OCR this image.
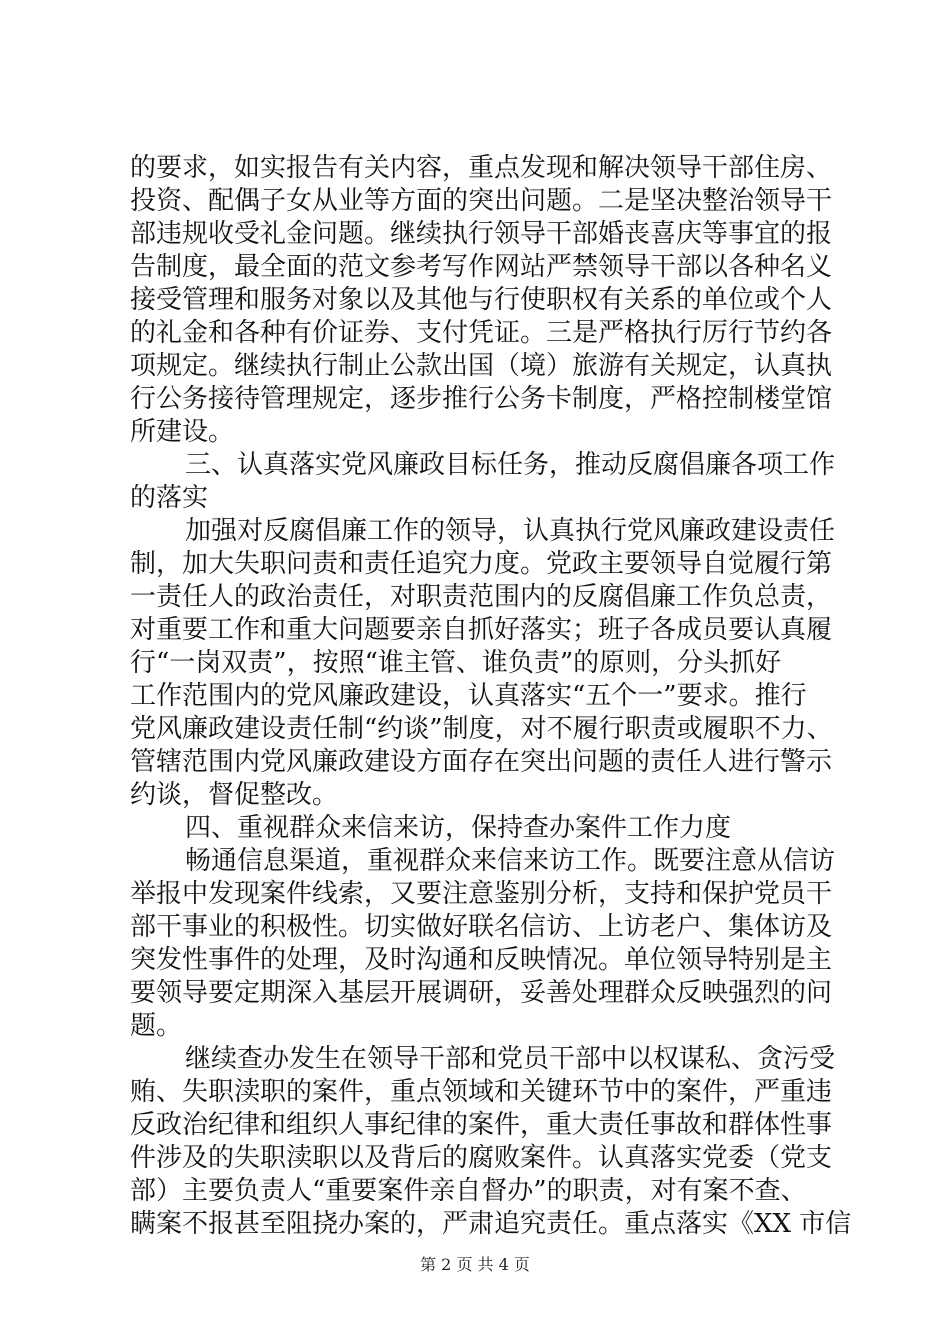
的要求，如实报告有关内容，重点发现和解决领导干部住房、
投资、配偶子女从业等方面的突出问题。二是坚决整治领导干
部违规收受礼金问题。继续执行领导干部婚丧喜庆等事宜的报
告制度，最全面的范文参考写作网站严禁领导干部以各种名义
接受管理和服务对象以及其他与行使职权有关系的单位或个人
的礼金和各种有价证券、支付凭证。三是严格执行厉行节约各
项规定。继续执行制止公款出国（境）旅游有关规定，认真执
行公务接待管理规定，逐步推行公务卡制度，严格控制楼堂馆
所建设。
三、认真落实党风廉政目标任务，推动反腐倡廉各项工作
的落实
加强对反腐倡廉工作的领导，认真执行党风廉政建设责任
制，加大失职问责和责任追究力度。党政主要领导自觉履行第
一责任人的政治责任，对职责范围内的反腐倡廉工作负总责，
对重要工作和重大问题要亲自抓好落实；班子各成员要认真履
行“一岗双责”，按照“谁主管、谁负责”的原则，分头抓好
工作范围内的党风廉政建设，认真落实“五个一”要求。推行
党风廉政建设责任制“约谈”制度，对不履行职责或履职不力、
管辖范围内党风廉政建设方面存在突出问题的责任人进行警示
约谈，督促整改。
四、重视群众来信来访，保持查办案件工作力度
畅通信息渠道，重视群众来信来访工作。既要注意从信访
举报中发现案件线索，又要注意鉴别分析，支持和保护党员干
部干事业的积极性。切实做好联名信访、上访老户、集体访及
突发性事件的处理，及时沟通和反映情况。单位领导特别是主
要领导要定期深入基层开展调研，妥善处理群众反映强烈的问
题。
继续查办发生在领导干部和党员干部中以权谋私、贪污受
贿、失职渎职的案件，重点领域和关键环节中的案件，严重违
反政治纪律和组织人事纪律的案件，重大责任事故和群体性事
件涉及的失职渎职以及背后的腐败案件。认真落实党委（党支
部）主要负责人“重要案件亲自督办”的职责，对有案不查、
瞒案不报甚至阻挠办案的，严肃追究责任。重点落实《XX 市信
第 2 页 共 4 页
